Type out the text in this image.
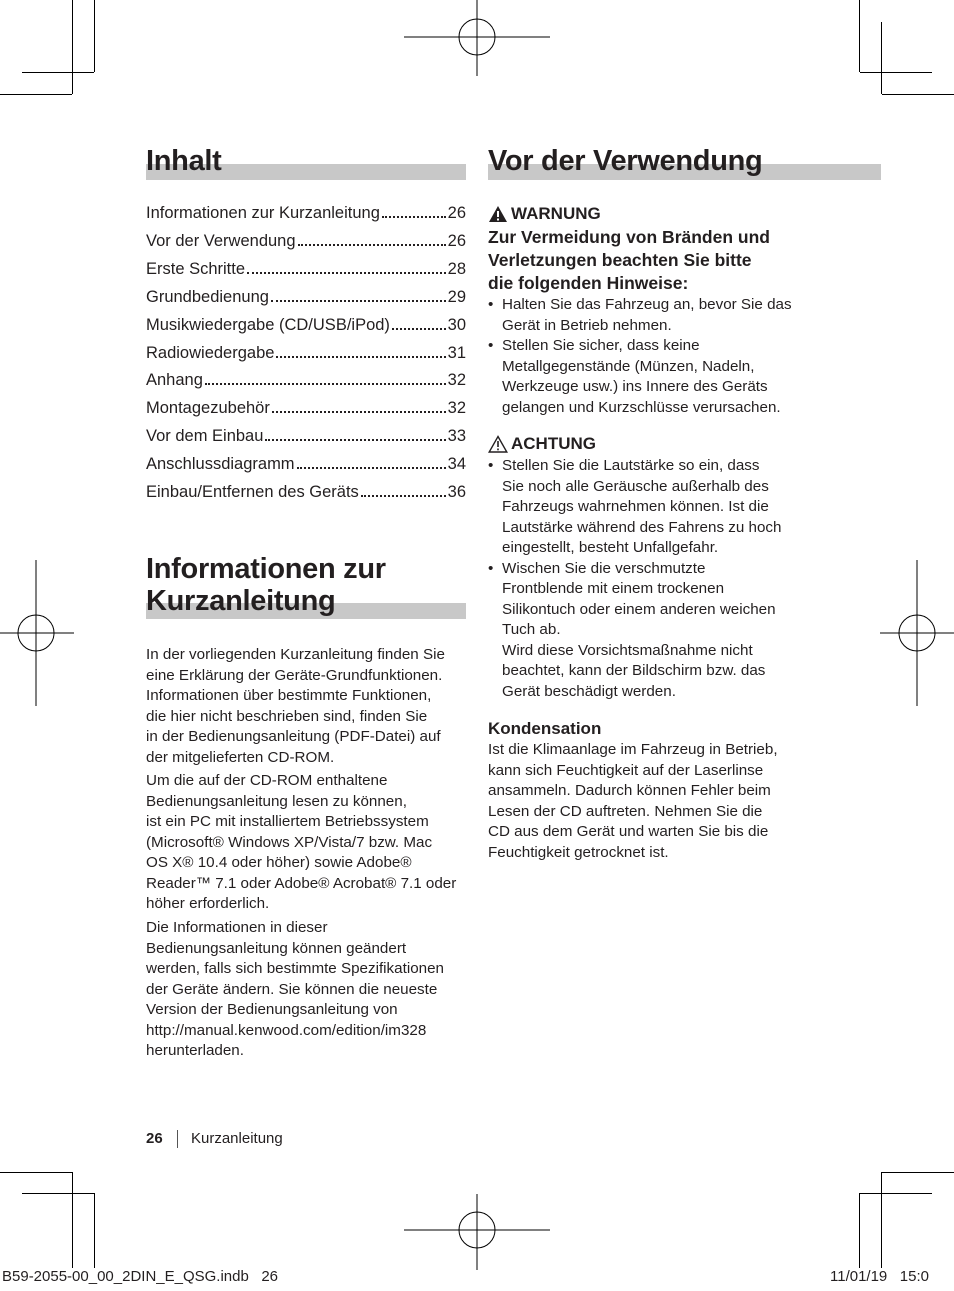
Inhalt
Informationen zur Kurzanleitung	26
Vor der Verwendung	26
Erste Schritte	28
Grundbedienung	29
Musikwiedergabe (CD/USB/iPod)	30
Radiowiedergabe	31
Anhang	32
Montagezubehör	32
Vor dem Einbau	33
Anschlussdiagramm	34
Einbau/Entfernen des Geräts	36
Informationen zur
Kurzanleitung
In der vorliegenden Kurzanleitung finden Sie
eine Erklärung der Geräte-Grundfunktionen.
Informationen über bestimmte Funktionen,
die hier nicht beschrieben sind, finden Sie
in der Bedienungsanleitung (PDF-Datei) auf
der mitgelieferten CD-ROM.
Um die auf der CD-ROM enthaltene
Bedienungsanleitung lesen zu können,
ist ein PC mit installiertem Betriebssystem
(Microsoft® Windows XP/Vista/7 bzw. Mac
OS X® 10.4 oder höher) sowie Adobe®
Reader™ 7.1 oder Adobe® Acrobat® 7.1 oder
höher erforderlich.
Die Informationen in dieser
Bedienungsanleitung können geändert
werden, falls sich bestimmte Spezifikationen
der Geräte ändern. Sie können die neueste
Version der Bedienungsanleitung von
http://manual.kenwood.com/edition/im328
herunterladen.
Vor der Verwendung
WARNUNG
Zur Vermeidung von Bränden und
Verletzungen beachten Sie bitte
die folgenden Hinweise:
• Halten Sie das Fahrzeug an, bevor Sie das
Gerät in Betrieb nehmen.
• Stellen Sie sicher, dass keine
Metallgegenstände (Münzen, Nadeln,
Werkzeuge usw.) ins Innere des Geräts
gelangen und Kurzschlüsse verursachen.
ACHTUNG
• Stellen Sie die Lautstärke so ein, dass
Sie noch alle Geräusche außerhalb des
Fahrzeugs wahrnehmen können. Ist die
Lautstärke während des Fahrens zu hoch
eingestellt, besteht Unfallgefahr.
• Wischen Sie die verschmutzte
Frontblende mit einem trockenen
Silikontuch oder einem anderen weichen
Tuch ab.
Wird diese Vorsichtsmaßnahme nicht
beachtet, kann der Bildschirm bzw. das
Gerät beschädigt werden.
Kondensation
Ist die Klimaanlage im Fahrzeug in Betrieb,
kann sich Feuchtigkeit auf der Laserlinse
ansammeln. Dadurch können Fehler beim
Lesen der CD auftreten. Nehmen Sie die
CD aus dem Gerät und warten Sie bis die
Feuchtigkeit getrocknet ist.
26 Kurzanleitung
B59-2055-00_00_2DIN_E_QSG.indb   26	11/01/19   15:0
